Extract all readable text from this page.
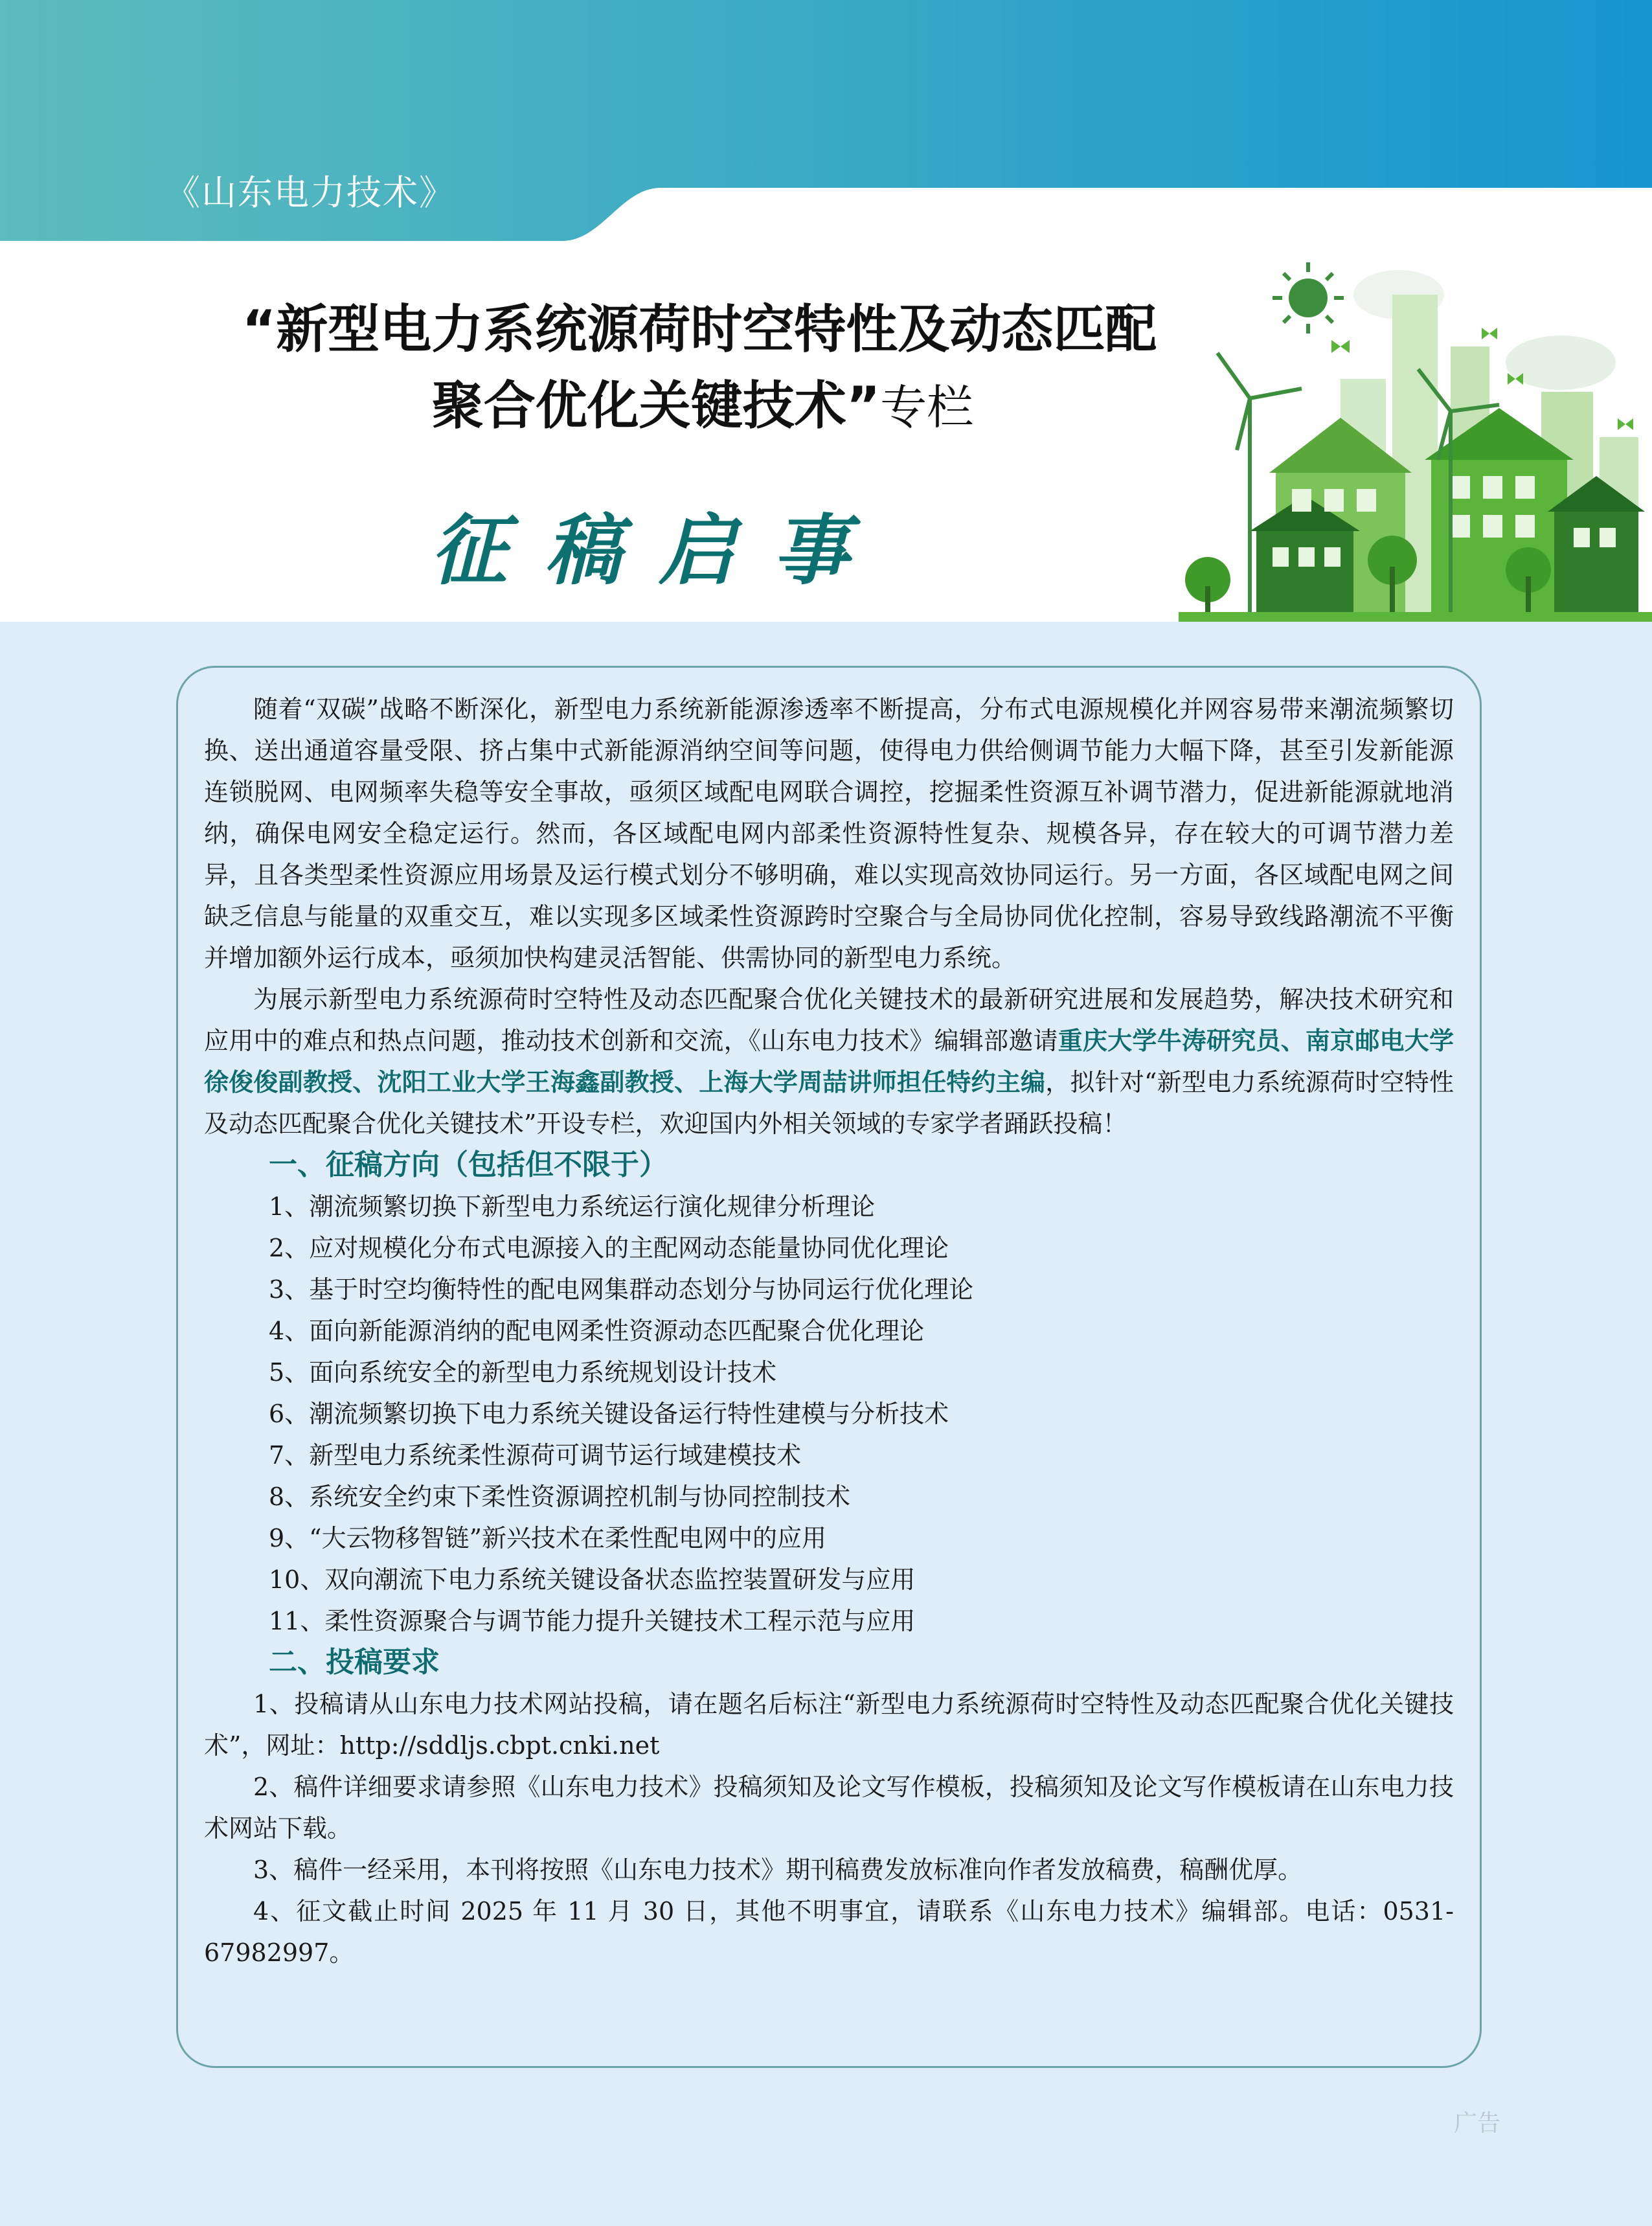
《山东电力技术》
“新型电力系统源荷时空特性及动态匹配
聚合优化关键技术”专栏
征稿启事

随着“双碳”战略不断深化，新型电力系统新能源渗透率不断提高，分布式电源规模化并网容易带来潮流频繁切换、送出通道容量受限、挤占集中式新能源消纳空间等问题，使得电力供给侧调节能力大幅下降，甚至引发新能源连锁脱网、电网频率失稳等安全事故，亟须区域配电网联合调控，挖掘柔性资源互补调节潜力，促进新能源就地消纳，确保电网安全稳定运行。然而，各区域配电网内部柔性资源特性复杂、规模各异，存在较大的可调节潜力差异，且各类型柔性资源应用场景及运行模式划分不够明确，难以实现高效协同运行。另一方面，各区域配电网之间缺乏信息与能量的双重交互，难以实现多区域柔性资源跨时空聚合与全局协同优化控制，容易导致线路潮流不平衡并增加额外运行成本，亟须加快构建灵活智能、供需协同的新型电力系统。

为展示新型电力系统源荷时空特性及动态匹配聚合优化关键技术的最新研究进展和发展趋势，解决技术研究和应用中的难点和热点问题，推动技术创新和交流，《山东电力技术》编辑部邀请重庆大学牛涛研究员、南京邮电大学徐俊俊副教授、沈阳工业大学王海鑫副教授、上海大学周喆讲师担任特约主编，拟针对“新型电力系统源荷时空特性及动态匹配聚合优化关键技术”开设专栏，欢迎国内外相关领域的专家学者踊跃投稿！

一、征稿方向（包括但不限于）
1、潮流频繁切换下新型电力系统运行演化规律分析理论
2、应对规模化分布式电源接入的主配网动态能量协同优化理论
3、基于时空均衡特性的配电网集群动态划分与协同运行优化理论
4、面向新能源消纳的配电网柔性资源动态匹配聚合优化理论
5、面向系统安全的新型电力系统规划设计技术
6、潮流频繁切换下电力系统关键设备运行特性建模与分析技术
7、新型电力系统柔性源荷可调节运行域建模技术
8、系统安全约束下柔性资源调控机制与协同控制技术
9、“大云物移智链”新兴技术在柔性配电网中的应用
10、双向潮流下电力系统关键设备状态监控装置研发与应用
11、柔性资源聚合与调节能力提升关键技术工程示范与应用
二、投稿要求

1、投稿请从山东电力技术网站投稿，请在题名后标注“新型电力系统源荷时空特性及动态匹配聚合优化关键技术”，网址：http://sddljs.cbpt.cnki.net

2、稿件详细要求请参照《山东电力技术》投稿须知及论文写作模板，投稿须知及论文写作模板请在山东电力技术网站下载。

3、稿件一经采用，本刊将按照《山东电力技术》期刊稿费发放标准向作者发放稿费，稿酬优厚。

4、征文截止时间 2025 年 11 月 30 日，其他不明事宜，请联系《山东电力技术》编辑部。电话：0531-67982997。

广告
